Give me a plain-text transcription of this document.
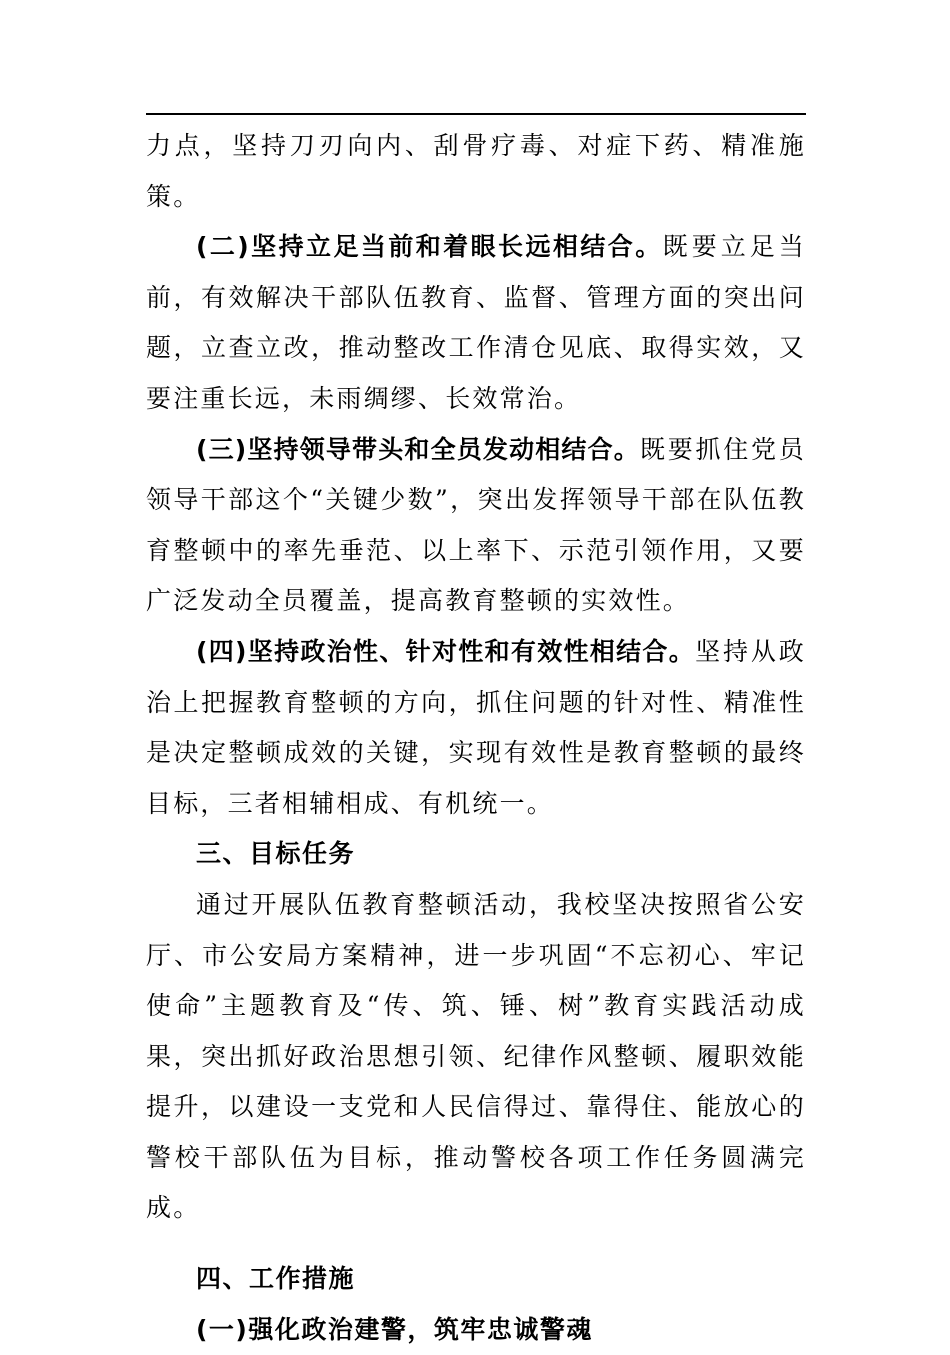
力点，坚持刀刃向内、刮骨疗毒、对症下药、精准施策。

(二)坚持立足当前和着眼长远相结合。既要立足当前，有效解决干部队伍教育、监督、管理方面的突出问题，立查立改，推动整改工作清仓见底、取得实效，又要注重长远，未雨绸缪、长效常治。

(三)坚持领导带头和全员发动相结合。既要抓住党员领导干部这个“关键少数”，突出发挥领导干部在队伍教育整顿中的率先垂范、以上率下、示范引领作用，又要广泛发动全员覆盖，提高教育整顿的实效性。

(四)坚持政治性、针对性和有效性相结合。坚持从政治上把握教育整顿的方向，抓住问题的针对性、精准性是决定整顿成效的关键，实现有效性是教育整顿的最终目标，三者相辅相成、有机统一。

三、目标任务

通过开展队伍教育整顿活动，我校坚决按照省公安厅、市公安局方案精神，进一步巩固“不忘初心、牢记使命”主题教育及“传、筑、锤、树”教育实践活动成果，突出抓好政治思想引领、纪律作风整顿、履职效能提升，以建设一支党和人民信得过、靠得住、能放心的警校干部队伍为目标，推动警校各项工作任务圆满完成。

四、工作措施
(一)强化政治建警，筑牢忠诚警魂
